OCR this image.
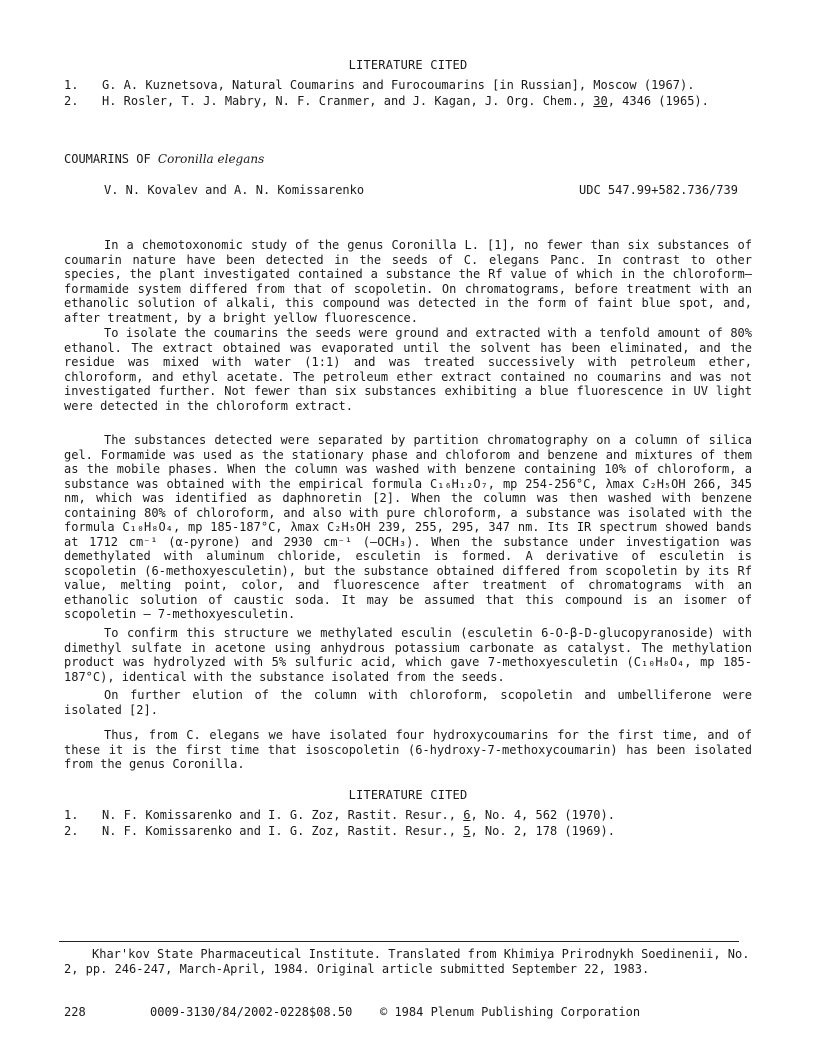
LITERATURE CITED
1. G. A. Kuznetsova, Natural Coumarins and Furocoumarins [in Russian], Moscow (1967).
2. H. Rosler, T. J. Mabry, N. F. Cranmer, and J. Kagan, J. Org. Chem., 30, 4346 (1965).
COUMARINS OF Coronilla elegans
V. N. Kovalev and A. N. Komissarenko	UDC 547.99+582.736/739

In a chemotoxonomic study of the genus Coronilla L. [1], no fewer than six substances of coumarin nature have been detected in the seeds of C. elegans Panc. In contrast to other species, the plant investigated contained a substance the Rf value of which in the chloroform—formamide system differed from that of scopoletin. On chromatograms, before treatment with an ethanolic solution of alkali, this compound was detected in the form of faint blue spot, and, after treatment, by a bright yellow fluorescence.

To isolate the coumarins the seeds were ground and extracted with a tenfold amount of 80% ethanol. The extract obtained was evaporated until the solvent has been eliminated, and the residue was mixed with water (1:1) and was treated successively with petroleum ether, chloroform, and ethyl acetate. The petroleum ether extract contained no coumarins and was not investigated further. Not fewer than six substances exhibiting a blue fluorescence in UV light were detected in the chloroform extract.

The substances detected were separated by partition chromatography on a column of silica gel. Formamide was used as the stationary phase and chloforom and benzene and mixtures of them as the mobile phases. When the column was washed with benzene containing 10% of chloroform, a substance was obtained with the empirical formula C₁₆H₁₂O₇, mp 254-256°C, λmax C₂H₅OH 266, 345 nm, which was identified as daphnoretin [2]. When the column was then washed with benzene containing 80% of chloroform, and also with pure chloroform, a substance was isolated with the formula C₁₀H₈O₄, mp 185-187°C, λmax C₂H₅OH 239, 255, 295, 347 nm. Its IR spectrum showed bands at 1712 cm⁻¹ (α-pyrone) and 2930 cm⁻¹ (—OCH₃). When the substance under investigation was demethylated with aluminum chloride, esculetin is formed. A derivative of esculetin is scopoletin (6-methoxyesculetin), but the substance obtained differed from scopoletin by its Rf value, melting point, color, and fluorescence after treatment of chromatograms with an ethanolic solution of caustic soda. It may be assumed that this compound is an isomer of scopoletin — 7-methoxyesculetin.

To confirm this structure we methylated esculin (esculetin 6-O-β-D-glucopyranoside) with dimethyl sulfate in acetone using anhydrous potassium carbonate as catalyst. The methylation product was hydrolyzed with 5% sulfuric acid, which gave 7-methoxyesculetin (C₁₀H₈O₄, mp 185-187°C), identical with the substance isolated from the seeds.

On further elution of the column with chloroform, scopoletin and umbelliferone were isolated [2].

Thus, from C. elegans we have isolated four hydroxycoumarins for the first time, and of these it is the first time that isoscopoletin (6-hydroxy-7-methoxycoumarin) has been isolated from the genus Coronilla.

LITERATURE CITED
1. N. F. Komissarenko and I. G. Zoz, Rastit. Resur., 6, No. 4, 562 (1970).
2. N. F. Komissarenko and I. G. Zoz, Rastit. Resur., 5, No. 2, 178 (1969).
Khar'kov State Pharmaceutical Institute. Translated from Khimiya Prirodnykh Soedinenii, No. 2, pp. 246-247, March-April, 1984. Original article submitted September 22, 1983.
228	0009-3130/84/2002-0228$08.50 © 1984 Plenum Publishing Corporation
